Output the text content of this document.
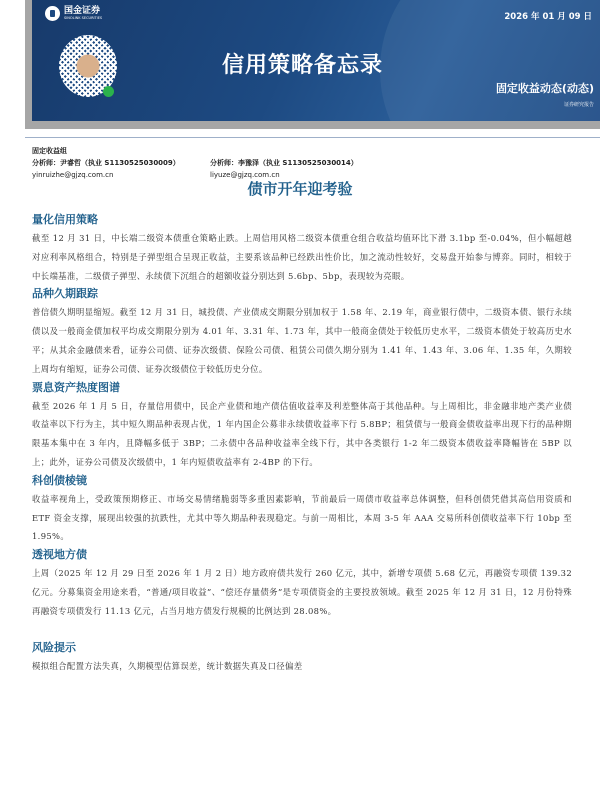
国金证券
SINOLINK SECURITIES	2026 年 01 月 09 日
信用策略备忘录
固定收益动态(动态)
证券研究报告
固定收益组
分析师：尹睿哲（执业 S1130525030009）	分析师：李豫泽（执业 S1130525030014）
yinruizhe@gjzq.com.cn	liyuze@gjzq.com.cn
债市开年迎考验
量化信用策略
截至 12 月 31 日，中长端二级资本债重仓策略止跌。上周信用风格二级资本债重仓组合收益均值环比下滑 3.1bp 至-0.04%，但小幅超越对应利率风格组合，特别是子弹型组合呈现正收益，主要系该品种已经跌出性价比，加之流动性较好，交易盘开始参与博弈。同时，相较于中长端基准，二级债子弹型、永续债下沉组合的超额收益分别达到 5.6bp、5bp，表现较为亮眼。
品种久期跟踪
普信债久期明显缩短。截至 12 月 31 日，城投债、产业债成交期限分别加权于 1.58 年、2.19 年，商业银行债中，二级资本债、银行永续债以及一般商金债加权平均成交期限分别为 4.01 年、3.31 年、1.73 年，其中一般商金债处于较低历史水平，二级资本债处于较高历史水平；从其余金融债来看，证券公司债、证券次级债、保险公司债、租赁公司债久期分别为 1.41 年、1.43 年、3.06 年、1.35 年，久期较上周均有缩短，证券公司债、证券次级债位于较低历史分位。
票息资产热度图谱
截至 2026 年 1 月 5 日，存量信用债中，民企产业债和地产债估值收益率及利差整体高于其他品种。与上周相比，非金融非地产类产业债收益率以下行为主，其中短久期品种表现占优，1 年内国企公募非永续债收益率下行 5.8BP；租赁债与一般商金债收益率出现下行的品种期限基本集中在 3 年内，且降幅多低于 3BP；二永债中各品种收益率全线下行，其中各类银行 1-2 年二级资本债收益率降幅皆在 5BP 以上；此外，证券公司债及次级债中，1 年内短债收益率有 2-4BP 的下行。
科创债棱镜
收益率视角上，受政策预期修正、市场交易情绪脆弱等多重因素影响，节前最后一周债市收益率总体调整，但科创债凭借其高信用资质和 ETF 资金支撑，展现出较强的抗跌性，尤其中等久期品种表现稳定。与前一周相比，本周 3-5 年 AAA 交易所科创债收益率下行 10bp 至 1.95%。
透视地方债
上周（2025 年 12 月 29 日至 2026 年 1 月 2 日）地方政府债共发行 260 亿元，其中，新增专项债 5.68 亿元，再融资专项债 139.32 亿元。分募集资金用途来看，“普通/项目收益”、“偿还存量债务”是专项债资金的主要投放领域。截至 2025 年 12 月 31 日，12 月份特殊再融资专项债发行 11.13 亿元，占当月地方债发行规模的比例达到 28.08%。
风险提示
模拟组合配置方法失真，久期模型估算误差，统计数据失真及口径偏差
